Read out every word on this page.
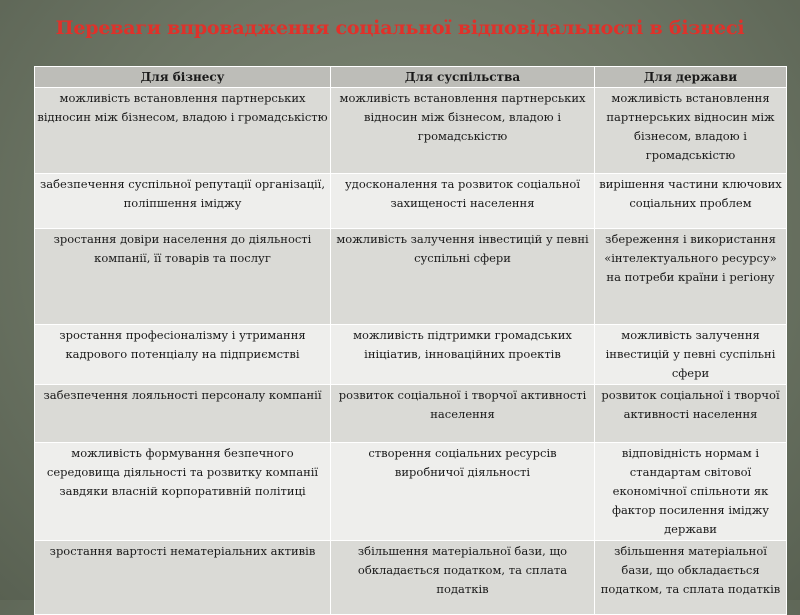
Переваги впровадження соціальної відповідальності в бізнесі
Для бізнесу	Для суспільства	Для держави
можливість встановлення партнерських відносин між бізнесом, владою і громадськістю	можливість встановлення партнерських відносин між бізнесом, владою і громадськістю	можливість встановлення партнерських відносин між бізнесом, владою і громадськістю
забезпечення суспільної репутації організації, поліпшення іміджу	удосконалення та розвиток соціальної захищеності населення	вирішення частини ключових соціальних проблем
зростання довіри населення до діяльності компанії, її товарів та послуг	можливість залучення інвестицій у певні суспільні сфери	збереження і використання «інтелектуального ресурсу» на потреби країни і регіону
зростання професіоналізму і утримання кадрового потенціалу на підприємстві	можливість підтримки громадських ініціатив, інноваційних проектів	можливість залучення інвестицій у певні суспільні сфери
забезпечення лояльності персоналу компанії	розвиток соціальної і творчої активності населення	розвиток соціальної і творчої активності населення
можливість формування безпечного середовища діяльності та розвитку компанії завдяки власній корпоративній політиці	створення соціальних ресурсів виробничої діяльності	відповідність нормам і стандартам світової економічної спільноти як фактор посилення іміджу держави
зростання вартості нематеріальних активів	збільшення матеріальної бази, що обкладається податком, та сплата податків	збільшення матеріальної бази, що обкладається податком, та сплата податків
